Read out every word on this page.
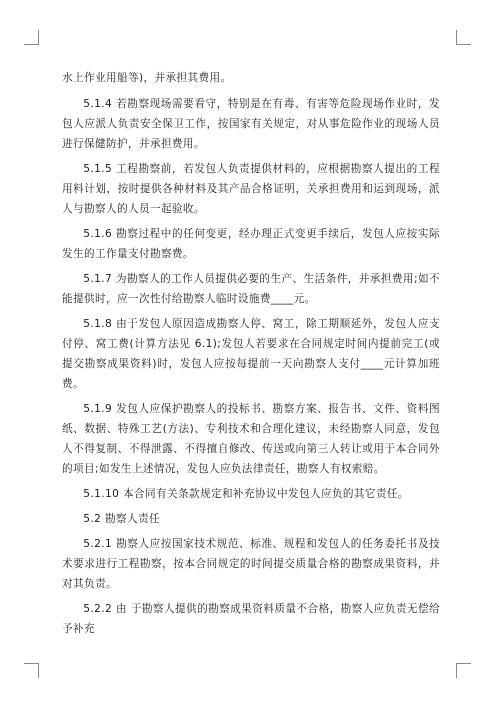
水上作业用船等)，并承担其费用。

5.1.4 若勘察现场需要看守，特别是在有毒、有害等危险现场作业时，发包人应派人负责安全保卫工作，按国家有关规定，对从事危险作业的现场人员进行保健防护，并承担费用。

5.1.5 工程勘察前，若发包人负责提供材料的，应根据勘察人提出的工程用料计划，按时提供各种材料及其产品合格证明，关承担费用和运到现场，派人与勘察人的人员一起验收。

5.1.6 勘察过程中的任何变更，经办理正式变更手续后，发包人应按实际发生的工作量支付勘察费。

5.1.7 为勘察人的工作人员提供必要的生产、生活条件，并承担费用;如不能提供时，应一次性付给勘察人临时设施费____元。

5.1.8 由于发包人原因造成勘察人停、窝工，除工期顺延外，发包人应支付停、窝工费(计算方法见 6.1);发包人若要求在合同规定时间内提前完工(或提交勘察成果资料)时，发包人应按每提前一天向勘察人支付____元计算加班费。

5.1.9 发包人应保护勘察人的投标书、勘察方案、报告书、文件、资料图纸、数据、特殊工艺(方法)、专利技术和合理化建议，未经勘察人同意，发包人不得复制、不得泄露、不得擅自修改、传送或向第三人转让或用于本合同外的项目;如发生上述情况，发包人应负法律责任，勘察人有权索赔。

5.1.10 本合同有关条款规定和补充协议中发包人应负的其它责任。

5.2 勘察人责任

5.2.1 勘察人应按国家技术规范、标准、规程和发包人的任务委托书及技术要求进行工程勘察，按本合同规定的时间提交质量合格的勘察成果资料，并对其负责。

5.2.2 由 于勘察人提供的勘察成果资料质量不合格，勘察人应负责无偿给予补充
